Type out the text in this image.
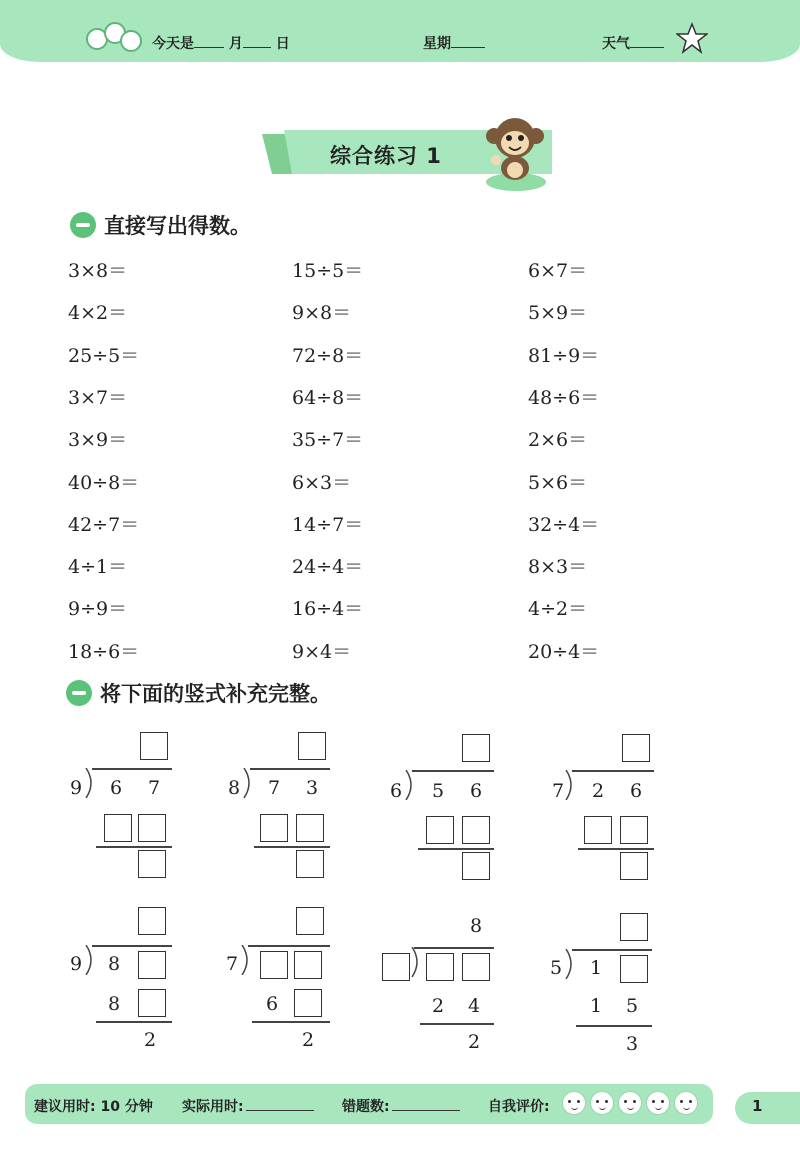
今天是 月 日	星期	天气
综合练习 1
直接写出得数。
3×8＝	15÷5＝	6×7＝
4×2＝	9×8＝	5×9＝
25÷5＝	72÷8＝	81÷9＝
3×7＝	64÷8＝	48÷6＝
3×9＝	35÷7＝	2×6＝
40÷8＝	6×3＝	5×6＝
42÷7＝	14÷7＝	32÷4＝
4÷1＝	24÷4＝	8×3＝
9÷9＝	16÷4＝	4÷2＝
18÷6＝	9×4＝	20÷4＝
将下面的竖式补充完整。
9 6 7	8 7 3	6 5 6	7 2 6
9 8
8
2
7
6
2
8
2 4
2
5 1
1 5
3
建议用时: 10 分钟 实际用时:	错题数:	自我评价:	1
